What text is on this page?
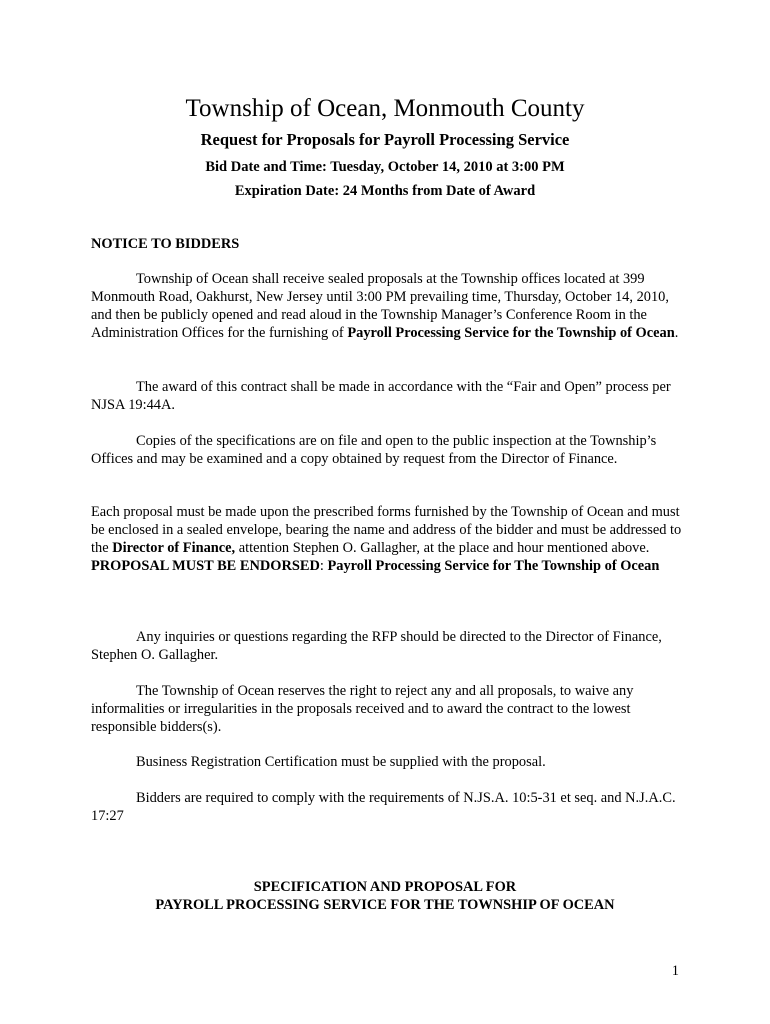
Township of Ocean, Monmouth County
Request for Proposals for Payroll Processing Service
Bid Date and Time: Tuesday, October 14, 2010 at 3:00 PM
Expiration Date: 24 Months from Date of Award
NOTICE TO BIDDERS

Township of Ocean shall receive sealed proposals at the Township offices located at 399 Monmouth Road, Oakhurst, New Jersey until 3:00 PM prevailing time, Thursday, October 14, 2010, and then be publicly opened and read aloud in the Township Manager’s Conference Room in the Administration Offices for the furnishing of Payroll Processing Service for the Township of Ocean.

The award of this contract shall be made in accordance with the “Fair and Open” process per NJSA 19:44A.

Copies of the specifications are on file and open to the public inspection at the Township’s Offices and may be examined and a copy obtained by request from the Director of Finance.

Each proposal must be made upon the prescribed forms furnished by the Township of Ocean and must be enclosed in a sealed envelope, bearing the name and address of the bidder and must be addressed to the Director of Finance, attention Stephen O. Gallagher, at the place and hour mentioned above.

PROPOSAL MUST BE ENDORSED: Payroll Processing Service for The Township of Ocean

Any inquiries or questions regarding the RFP should be directed to the Director of Finance, Stephen O. Gallagher.

The Township of Ocean reserves the right to reject any and all proposals, to waive any informalities or irregularities in the proposals received and to award the contract to the lowest responsible bidders(s).

Business Registration Certification must be supplied with the proposal.

Bidders are required to comply with the requirements of N.JS.A. 10:5-31 et seq. and N.J.A.C. 17:27

SPECIFICATION AND PROPOSAL FOR
PAYROLL PROCESSING SERVICE FOR THE TOWNSHIP OF OCEAN
1
